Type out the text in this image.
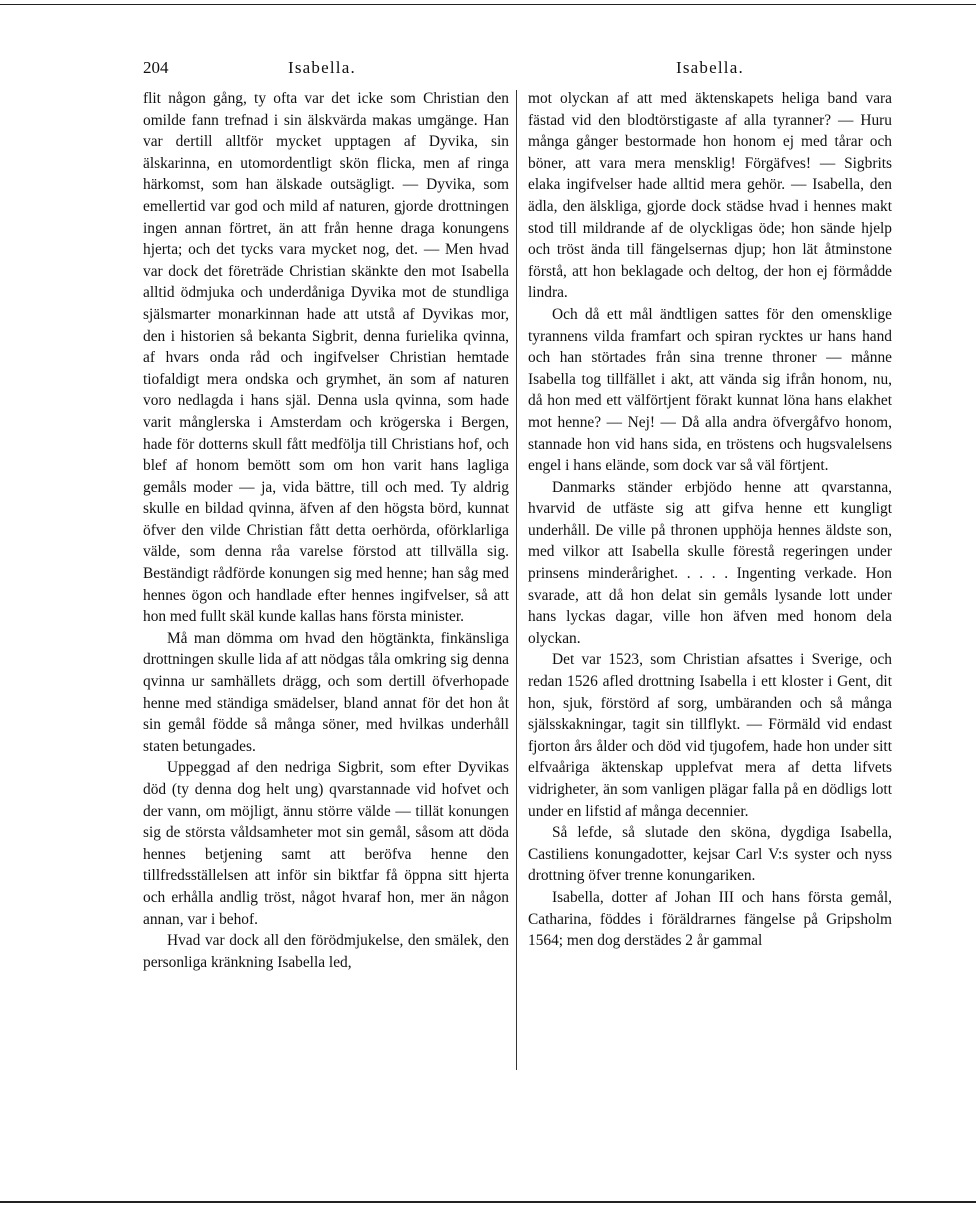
204	Isabella.	Isabella.

flit någon gång, ty ofta var det icke som Christian den omilde fann trefnad i sin älskvärda makas umgänge. Han var dertill alltför mycket upptagen af Dyvika, sin älskarinna, en utomordentligt skön flicka, men af ringa härkomst, som han älskade outsägligt. — Dyvika, som emellertid var god och mild af naturen, gjorde drottningen ingen annan förtret, än att från henne draga konungens hjerta; och det tycks vara mycket nog, det. — Men hvad var dock det företräde Christian skänkte den mot Isabella alltid ödmjuka och underdåniga Dyvika mot de stundliga själsmarter monarkinnan hade att utstå af Dyvikas mor, den i historien så bekanta Sigbrit, denna furielika qvinna, af hvars onda råd och ingifvelser Christian hemtade tiofaldigt mera ondska och grymhet, än som af naturen voro nedlagda i hans själ. Denna usla qvinna, som hade varit månglerska i Amsterdam och krögerska i Bergen, hade för dotterns skull fått medfölja till Christians hof, och blef af honom bemött som om hon varit hans lagliga gemåls moder — ja, vida bättre, till och med. Ty aldrig skulle en bildad qvinna, äfven af den högsta börd, kunnat öfver den vilde Christian fått detta oerhörda, oförklarliga välde, som denna råa varelse förstod att tillvälla sig. Beständigt rådförde konungen sig med henne; han såg med hennes ögon och handlade efter hennes ingifvelser, så att hon med fullt skäl kunde kallas hans första minister.

Må man dömma om hvad den högtänkta, finkänsliga drottningen skulle lida af att nödgas tåla omkring sig denna qvinna ur samhällets drägg, och som dertill öfverhopade henne med ständiga smädelser, bland annat för det hon åt sin gemål födde så många söner, med hvilkas underhåll staten betungades.

Uppeggad af den nedriga Sigbrit, som efter Dyvikas död (ty denna dog helt ung) qvarstannade vid hofvet och der vann, om möjligt, ännu större välde — tillät konungen sig de största våldsamheter mot sin gemål, såsom att döda hennes betjening samt att beröfva henne den tillfredsställelsen att inför sin biktfar få öppna sitt hjerta och erhålla andlig tröst, något hvaraf hon, mer än någon annan, var i behof.

Hvad var dock all den förödmjukelse, den smälek, den personliga kränkning Isabella led,

mot olyckan af att med äktenskapets heliga band vara fästad vid den blodtörstigaste af alla tyranner? — Huru många gånger bestormade hon honom ej med tårar och böner, att vara mera mensklig! Förgäfves! — Sigbrits elaka ingifvelser hade alltid mera gehör. — Isabella, den ädla, den älskliga, gjorde dock städse hvad i hennes makt stod till mildrande af de olyckligas öde; hon sände hjelp och tröst ända till fängelsernas djup; hon lät åtminstone förstå, att hon beklagade och deltog, der hon ej förmådde lindra.

Och då ett mål ändtligen sattes för den omensklige tyrannens vilda framfart och spiran rycktes ur hans hand och han störtades från sina trenne throner — månne Isabella tog tillfället i akt, att vända sig ifrån honom, nu, då hon med ett välförtjent förakt kunnat löna hans elakhet mot henne? — Nej! — Då alla andra öfvergåfvo honom, stannade hon vid hans sida, en tröstens och hugsvalelsens engel i hans elände, som dock var så väl förtjent.

Danmarks ständer erbjödo henne att qvarstanna, hvarvid de utfäste sig att gifva henne ett kungligt underhåll. De ville på thronen upphöja hennes äldste son, med vilkor att Isabella skulle förestå regeringen under prinsens minderårighet. . . . . Ingenting verkade. Hon svarade, att då hon delat sin gemåls lysande lott under hans lyckas dagar, ville hon äfven med honom dela olyckan.

Det var 1523, som Christian afsattes i Sverige, och redan 1526 afled drottning Isabella i ett kloster i Gent, dit hon, sjuk, förstörd af sorg, umbäranden och så många själsskakningar, tagit sin tillflykt. — Förmäld vid endast fjorton års ålder och död vid tjugofem, hade hon under sitt elfvaåriga äktenskap upplefvat mera af detta lifvets vidrigheter, än som vanligen plägar falla på en dödligs lott under en lifstid af många decennier.

Så lefde, så slutade den sköna, dygdiga Isabella, Castiliens konungadotter, kejsar Carl V:s syster och nyss drottning öfver trenne konungariken.

Isabella, dotter af Johan III och hans första gemål, Catharina, föddes i föräldrarnes fängelse på Gripsholm 1564; men dog derstädes 2 år gammal
